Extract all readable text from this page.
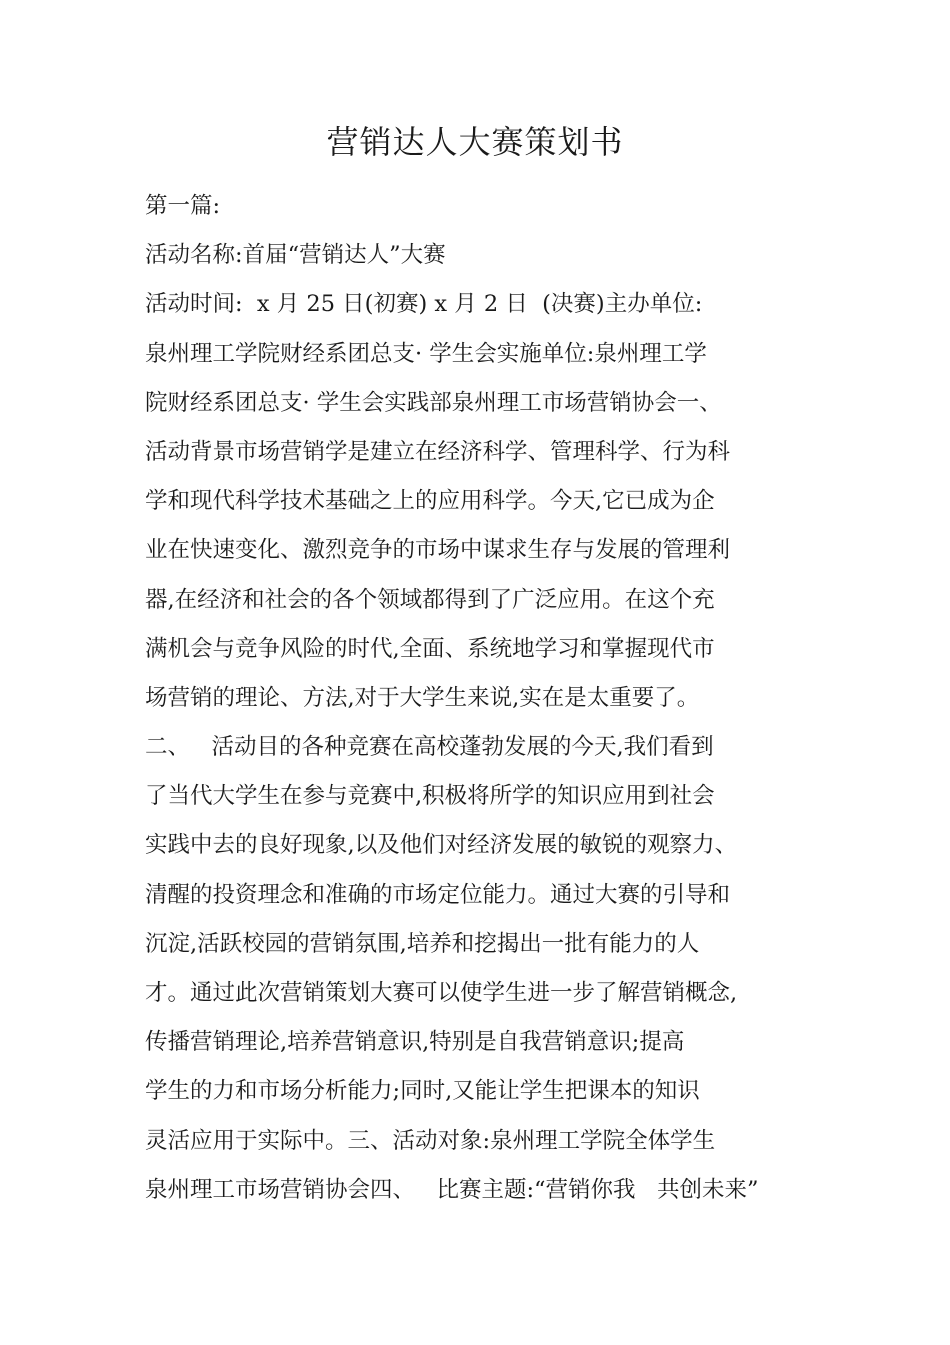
营销达人大赛策划书
第一篇:
活动名称:首届“营销达人”大赛
活动时间:  x 月 25 日(初赛) x 月 2 日  (决赛)主办单位:
泉州理工学院财经系团总支· 学生会实施单位:泉州理工学
院财经系团总支· 学生会实践部泉州理工市场营销协会一、
活动背景市场营销学是建立在经济科学、管理科学、行为科
学和现代科学技术基础之上的应用科学。今天,它已成为企
业在快速变化、激烈竞争的市场中谋求生存与发展的管理利
器,在经济和社会的各个领域都得到了广泛应用。在这个充
满机会与竞争风险的时代,全面、系统地学习和掌握现代市
场营销的理论、方法,对于大学生来说,实在是太重要了。
二、   活动目的各种竞赛在高校蓬勃发展的今天,我们看到
了当代大学生在参与竞赛中,积极将所学的知识应用到社会
实践中去的良好现象,以及他们对经济发展的敏锐的观察力、
清醒的投资理念和准确的市场定位能力。通过大赛的引导和
沉淀,活跃校园的营销氛围,培养和挖揭出一批有能力的人
才。通过此次营销策划大赛可以使学生进一步了解营销概念,
传播营销理论,培养营销意识,特别是自我营销意识;提高
学生的力和市场分析能力;同时,又能让学生把课本的知识
灵活应用于实际中。三、活动对象:泉州理工学院全体学生
泉州理工市场营销协会四、   比赛主题:“营销你我   共创未来”
